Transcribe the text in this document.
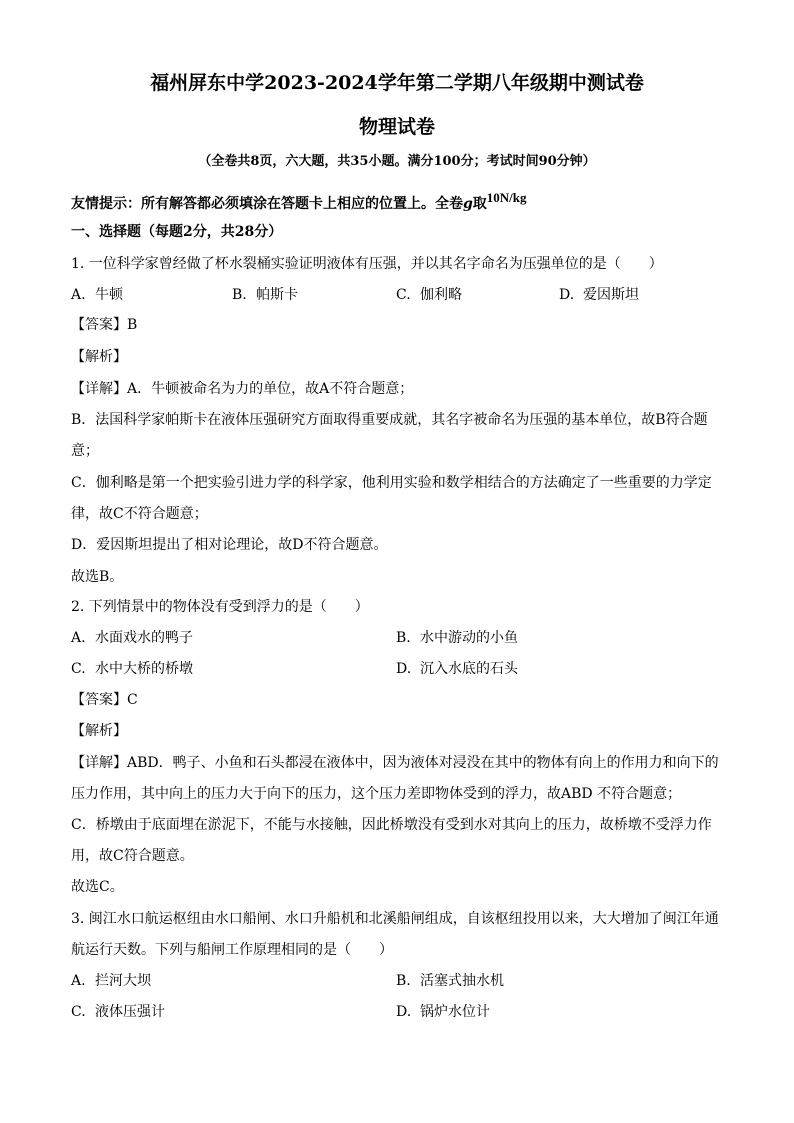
福州屏东中学2023-2024学年第二学期八年级期中测试卷
物理试卷
（全卷共8页，六大题，共35小题。满分100分；考试时间90分钟）
友情提示：所有解答都必须填涂在答题卡上相应的位置上。全卷g取10N/kg
一、选择题（每题2分，共28分）
1. 一位科学家曾经做了杯水裂桶实验证明液体有压强，并以其名字命名为压强单位的是（　　）
A. 牛顿	B. 帕斯卡	C. 伽利略	D. 爱因斯坦
【答案】B
【解析】
【详解】A．牛顿被命名为力的单位，故A不符合题意；
B．法国科学家帕斯卡在液体压强研究方面取得重要成就，其名字被命名为压强的基本单位，故B符合题
意；
C．伽利略是第一个把实验引进力学的科学家，他利用实验和数学相结合的方法确定了一些重要的力学定
律，故C不符合题意；
D．爱因斯坦提出了相对论理论，故D不符合题意。
故选B。
2. 下列情景中的物体没有受到浮力的是（　　）
A. 水面戏水的鸭子	B. 水中游动的小鱼
C. 水中大桥的桥墩	D. 沉入水底的石头
【答案】C
【解析】
【详解】ABD．鸭子、小鱼和石头都浸在液体中，因为液体对浸没在其中的物体有向上的作用力和向下的
压力作用，其中向上的压力大于向下的压力，这个压力差即物体受到的浮力，故ABD 不符合题意；
C．桥墩由于底面埋在淤泥下，不能与水接触，因此桥墩没有受到水对其向上的压力，故桥墩不受浮力作
用，故C符合题意。
故选C。
3. 闽江水口航运枢纽由水口船闸、水口升船机和北溪船闸组成，自该枢纽投用以来，大大增加了闽江年通
航运行天数。下列与船闸工作原理相同的是（　　）
A. 拦河大坝	B. 活塞式抽水机
C. 液体压强计	D. 锅炉水位计
